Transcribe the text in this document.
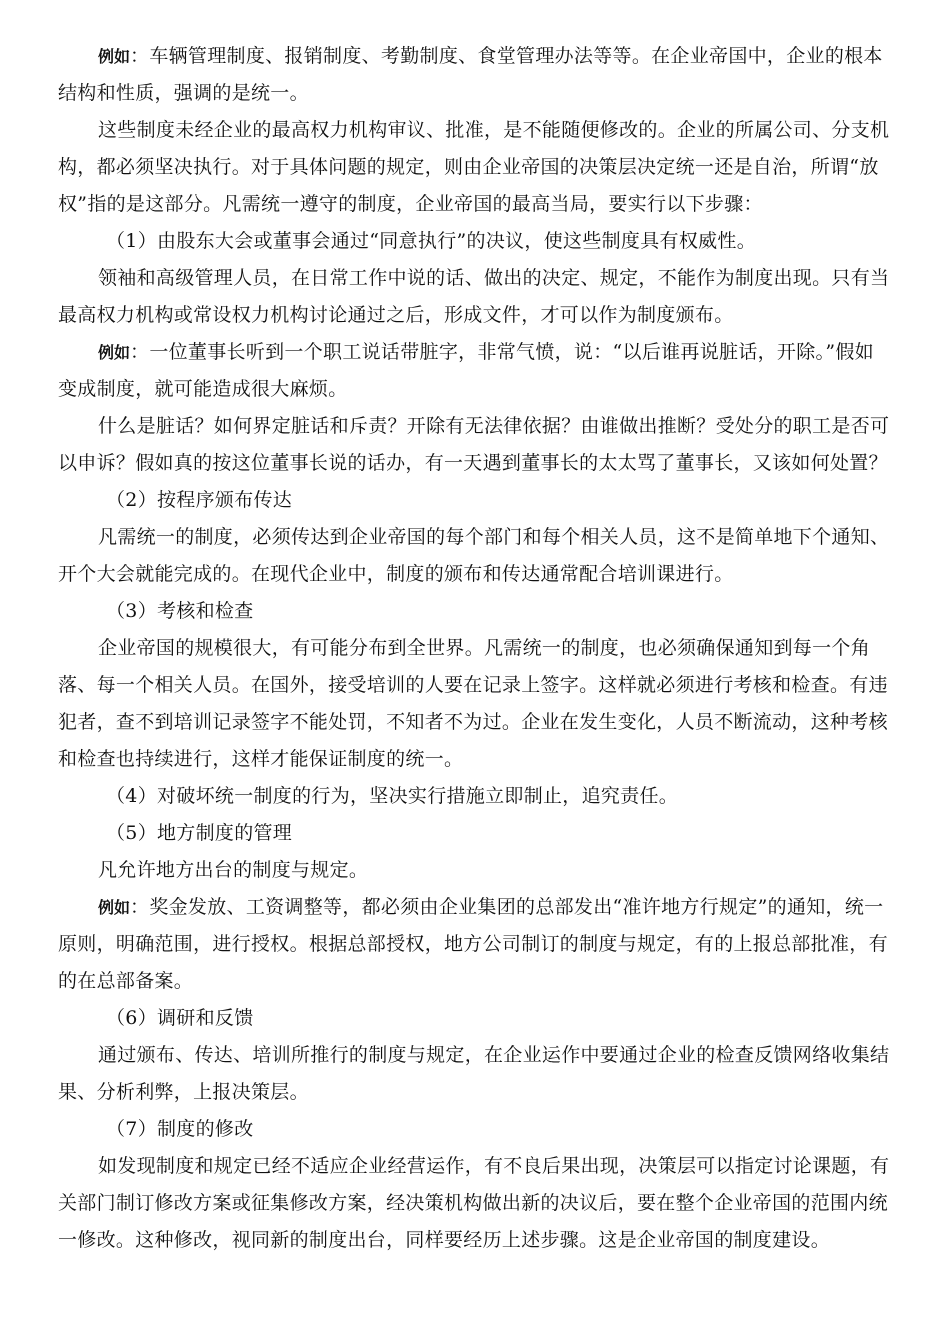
例如：车辆管理制度、报销制度、考勤制度、食堂管理办法等等。在企业帝国中，企业的根本结构和性质，强调的是统一。

这些制度未经企业的最高权力机构审议、批准，是不能随便修改的。企业的所属公司、分支机构，都必须坚决执行。对于具体问题的规定，则由企业帝国的决策层决定统一还是自治，所谓“放权”指的是这部分。凡需统一遵守的制度，企业帝国的最高当局，要实行以下步骤：

（1）由股东大会或董事会通过“同意执行”的决议，使这些制度具有权威性。

领袖和高级管理人员，在日常工作中说的话、做出的决定、规定，不能作为制度出现。只有当最高权力机构或常设权力机构讨论通过之后，形成文件，才可以作为制度颁布。

例如：一位董事长听到一个职工说话带脏字，非常气愤，说：“以后谁再说脏话，开除。”假如变成制度，就可能造成很大麻烦。

什么是脏话？如何界定脏话和斥责？开除有无法律依据？由谁做出推断？受处分的职工是否可以申诉？假如真的按这位董事长说的话办，有一天遇到董事长的太太骂了董事长，又该如何处置？

（2）按程序颁布传达

凡需统一的制度，必须传达到企业帝国的每个部门和每个相关人员，这不是简单地下个通知、开个大会就能完成的。在现代企业中，制度的颁布和传达通常配合培训课进行。

（3）考核和检查

企业帝国的规模很大，有可能分布到全世界。凡需统一的制度，也必须确保通知到每一个角落、每一个相关人员。在国外，接受培训的人要在记录上签字。这样就必须进行考核和检查。有违犯者，查不到培训记录签字不能处罚，不知者不为过。企业在发生变化，人员不断流动，这种考核和检查也持续进行，这样才能保证制度的统一。

（4）对破坏统一制度的行为，坚决实行措施立即制止，追究责任。

（5）地方制度的管理

凡允许地方出台的制度与规定。

例如：奖金发放、工资调整等，都必须由企业集团的总部发出“准许地方行规定”的通知，统一原则，明确范围，进行授权。根据总部授权，地方公司制订的制度与规定，有的上报总部批准，有的在总部备案。

（6）调研和反馈

通过颁布、传达、培训所推行的制度与规定，在企业运作中要通过企业的检查反馈网络收集结果、分析利弊，上报决策层。

（7）制度的修改

如发现制度和规定已经不适应企业经营运作，有不良后果出现，决策层可以指定讨论课题，有关部门制订修改方案或征集修改方案，经决策机构做出新的决议后，要在整个企业帝国的范围内统一修改。这种修改，视同新的制度出台，同样要经历上述步骤。这是企业帝国的制度建设。
